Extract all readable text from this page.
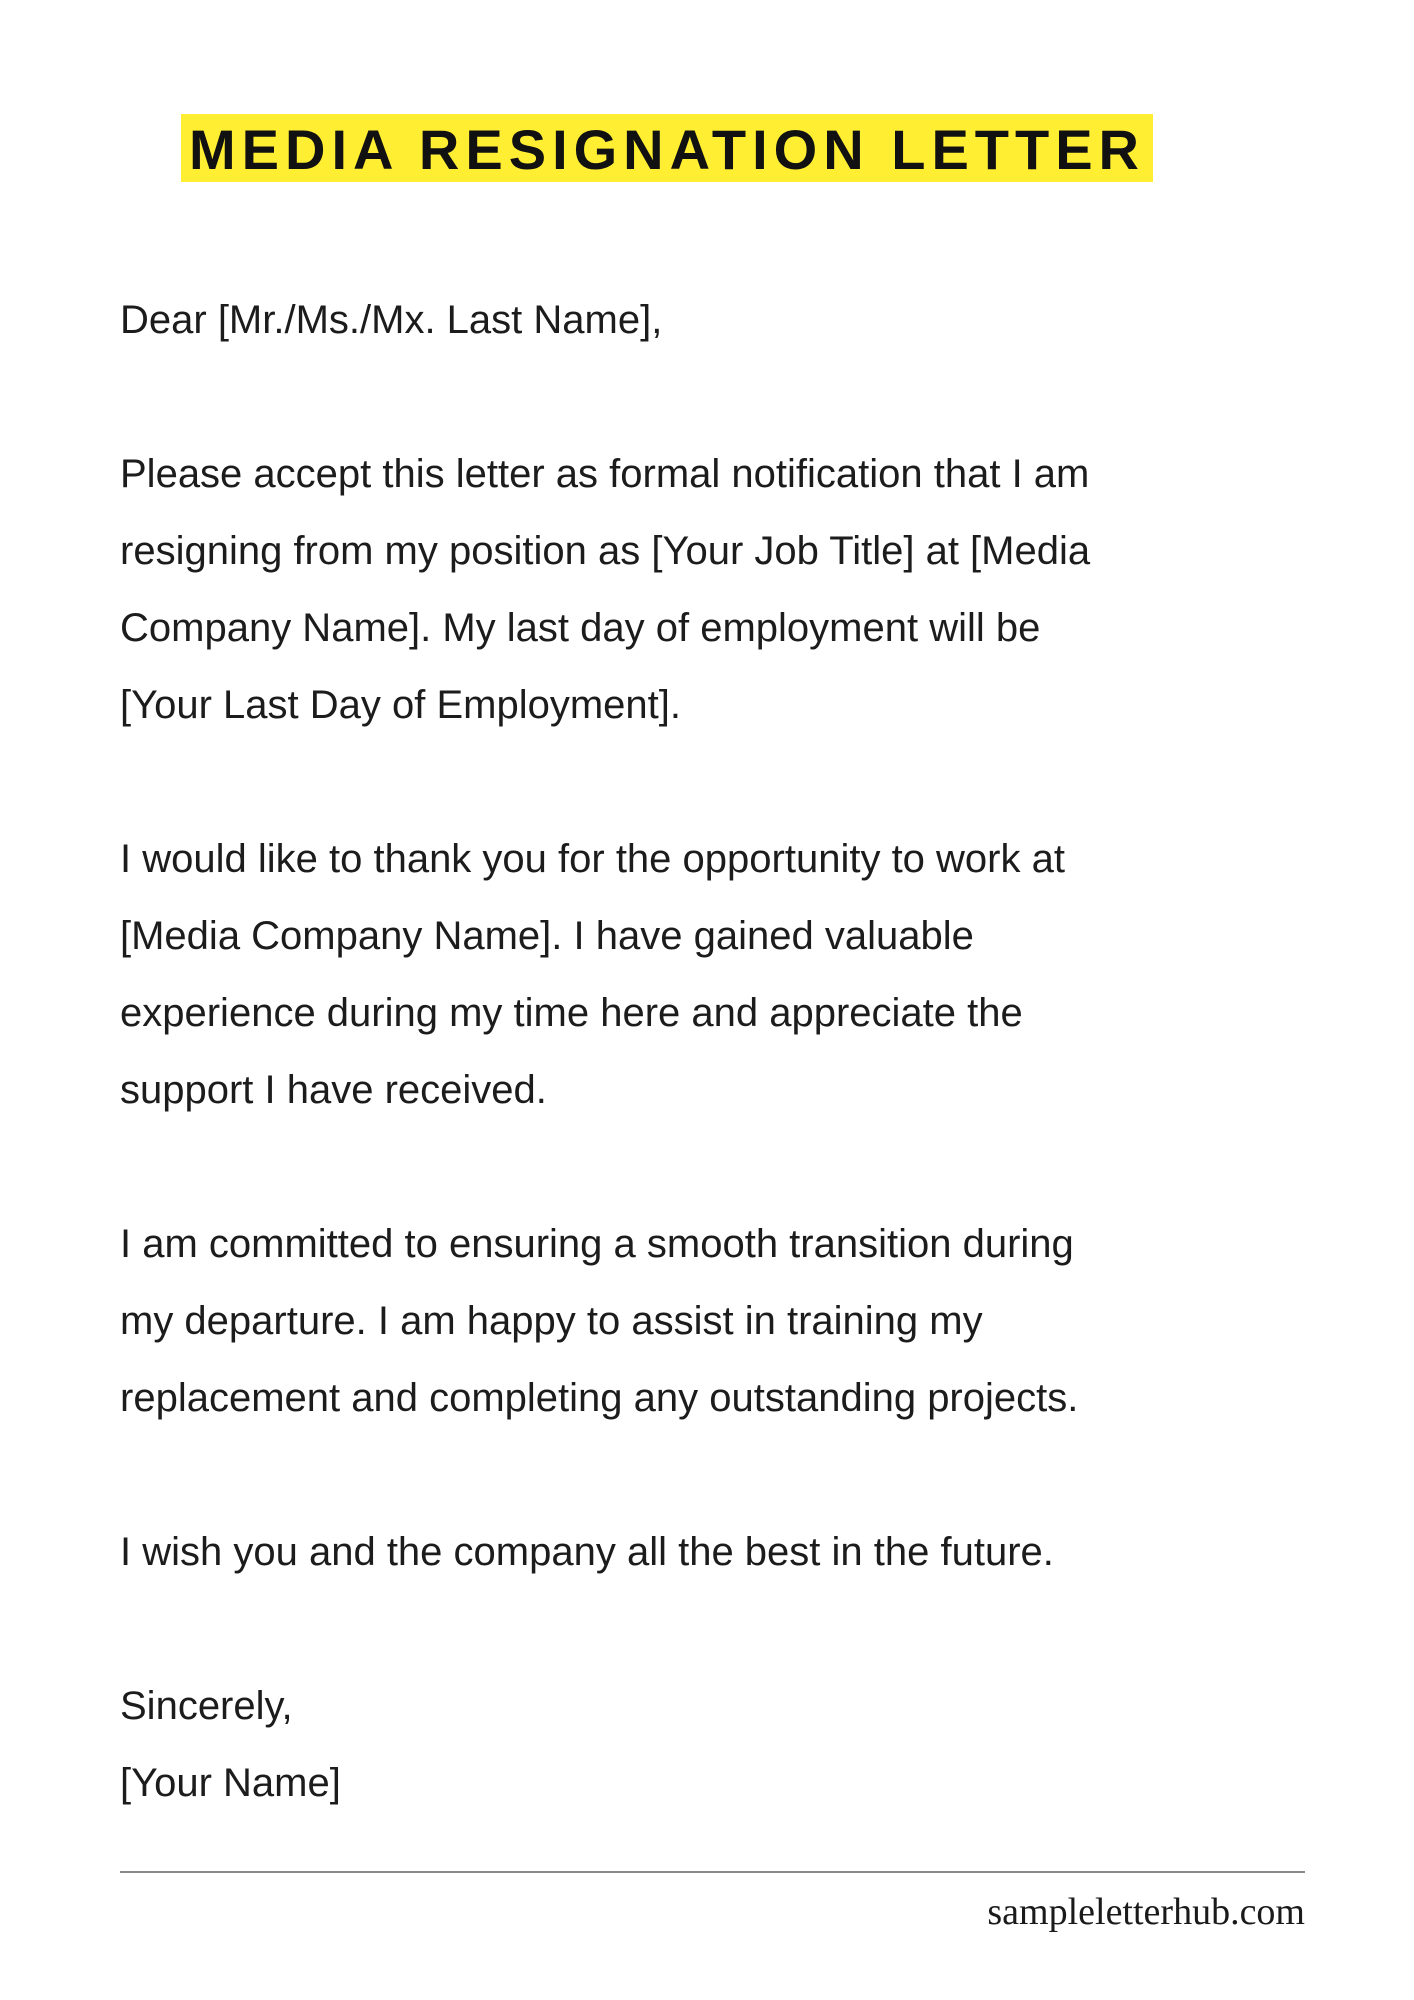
MEDIA RESIGNATION LETTER
Dear [Mr./Ms./Mx. Last Name],
Please accept this letter as formal notification that I am
resigning from my position as [Your Job Title] at [Media
Company Name]. My last day of employment will be
[Your Last Day of Employment].
I would like to thank you for the opportunity to work at
[Media Company Name]. I have gained valuable
experience during my time here and appreciate the
support I have received.
I am committed to ensuring a smooth transition during
my departure. I am happy to assist in training my
replacement and completing any outstanding projects.
I wish you and the company all the best in the future.
Sincerely,
[Your Name]
sampleletterhub.com
